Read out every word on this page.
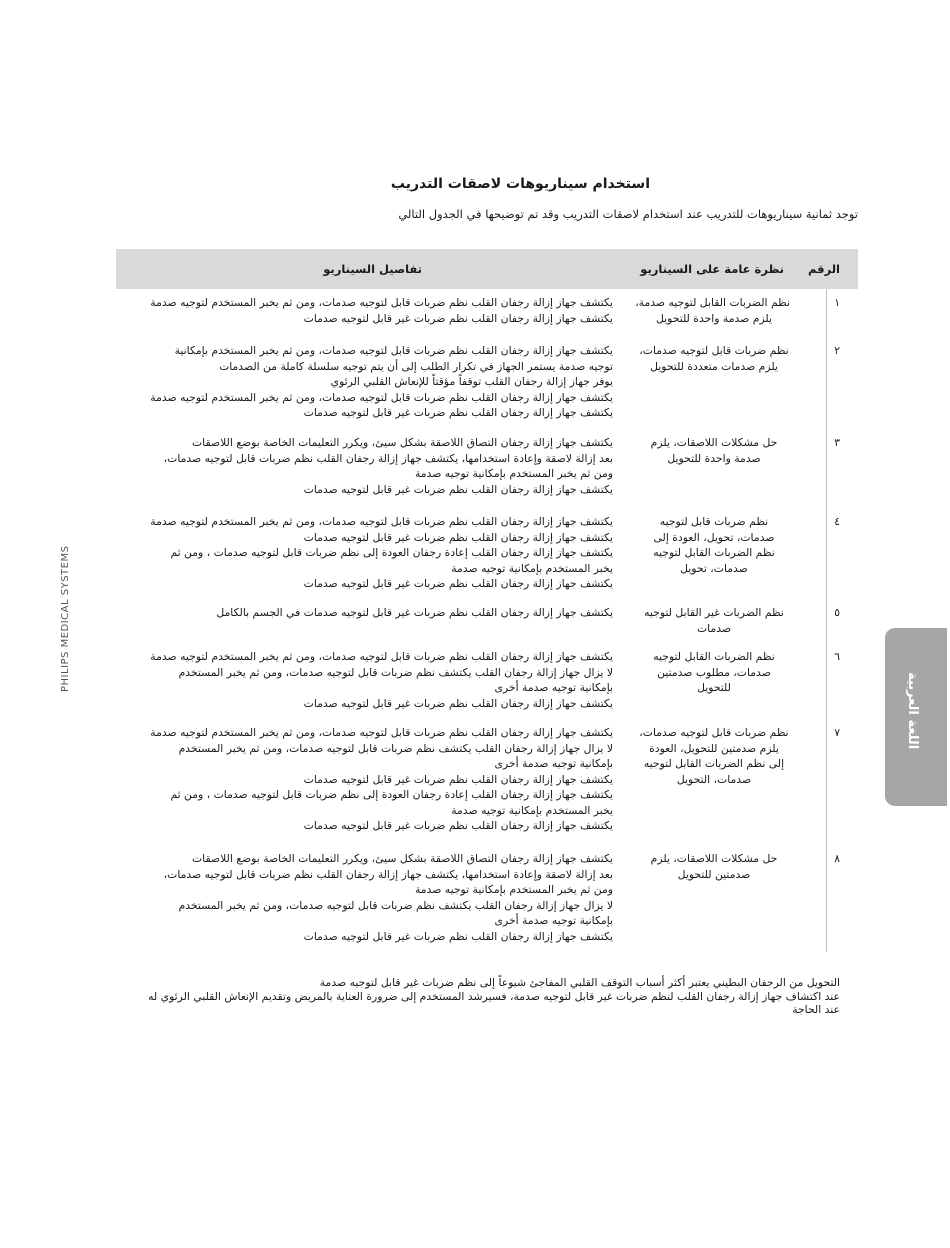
استخدام سيناريوهات لاصقات التدريب
توجد ثمانية سيناريوهات للتدريب عند استخدام لاصقات التدريب وقد تم توضيحها في الجدول التالي
الرقم
نظرة عامة على السيناريو
تفاصيل السيناريو
١
نظم الضربات القابل لتوجيه صدمة،
يلزم صدمة واحدة للتحويل
يكتشف جهاز إزالة رجفان القلب نظم ضربات قابل لتوجيه صدمات، ومن ثم يخبر المستخدم لتوجيه صدمة
يكتشف جهاز إزالة رجفان القلب نظم ضربات غير قابل لتوجيه صدمات
٢
نظم ضربات قابل لتوجيه صدمات،
يلزم صدمات متعددة للتحويل
يكتشف جهاز إزالة رجفان القلب نظم ضربات قابل لتوجيه صدمات، ومن ثم يخبر المستخدم بإمكانية
توجيه صدمة يستمر الجهاز في تكرار الطلب إلى أن يتم توجيه سلسلة كاملة من الصدمات
يوفر جهاز إزالة رجفان القلب توقفاً مؤقتاً للإنعاش القلبي الرئوي
يكتشف جهاز إزالة رجفان القلب نظم ضربات قابل لتوجيه صدمات، ومن ثم يخبر المستخدم لتوجيه صدمة
يكتشف جهاز إزالة رجفان القلب نظم ضربات غير قابل لتوجيه صدمات
٣
حل مشكلات اللاصقات، يلزم
صدمة واحدة للتحويل
يكتشف جهاز إزالة رجفان التصاق اللاصقة بشكل سيئ، ويكرر التعليمات الخاصة بوضع اللاصقات
بعد إزالة لاصقة وإعادة استخدامها، يكتشف جهاز إزالة رجفان القلب نظم ضربات قابل لتوجيه صدمات،
ومن ثم يخبر المستخدم بإمكانية توجيه صدمة
يكتشف جهاز إزالة رجفان القلب نظم ضربات غير قابل لتوجيه صدمات
٤
نظم ضربات قابل لتوجيه
صدمات، تحويل، العودة إلى
نظم الضربات القابل لتوجيه
صدمات، تحويل
يكتشف جهاز إزالة رجفان القلب نظم ضربات قابل لتوجيه صدمات، ومن ثم يخبر المستخدم لتوجيه صدمة
يكتشف جهاز إزالة رجفان القلب نظم ضربات غير قابل لتوجيه صدمات
يكتشف جهاز إزالة رجفان القلب إعادة رجفان العودة إلى نظم ضربات قابل لتوجيه صدمات ، ومن ثم
يخبر المستخدم بإمكانية توجيه صدمة
يكتشف جهاز إزالة رجفان القلب نظم ضربات غير قابل لتوجيه صدمات
٥
نظم الضربات غير القابل لتوجيه
صدمات
يكتشف جهاز إزالة رجفان القلب نظم ضربات غير قابل لتوجيه صدمات في الجسم بالكامل
٦
نظم الضربات القابل لتوجيه
صدمات، مطلوب صدمتين
للتحويل
يكتشف جهاز إزالة رجفان القلب نظم ضربات قابل لتوجيه صدمات، ومن ثم يخبر المستخدم لتوجيه صدمة
لا يزال جهاز إزالة رجفان القلب يكتشف نظم ضربات قابل لتوجيه صدمات، ومن ثم يخبر المستخدم
بإمكانية توجيه صدمة أخرى
يكتشف جهاز إزالة رجفان القلب نظم ضربات غير قابل لتوجيه صدمات
٧
نظم ضربات قابل لتوجيه صدمات،
يلزم صدمتين للتحويل، العودة
إلى نظم الضربات القابل لتوجيه
صدمات، التحويل
يكتشف جهاز إزالة رجفان القلب نظم ضربات قابل لتوجيه صدمات، ومن ثم يخبر المستخدم لتوجيه صدمة
لا يزال جهاز إزالة رجفان القلب يكتشف نظم ضربات قابل لتوجيه صدمات، ومن ثم يخبر المستخدم
بإمكانية توجيه صدمة أخرى
يكتشف جهاز إزالة رجفان القلب نظم ضربات غير قابل لتوجيه صدمات
يكتشف جهاز إزالة رجفان القلب إعادة رجفان العودة إلى نظم ضربات قابل لتوجيه صدمات ، ومن ثم
يخبر المستخدم بإمكانية توجيه صدمة
يكتشف جهاز إزالة رجفان القلب نظم ضربات غير قابل لتوجيه صدمات
٨
حل مشكلات اللاصقات، يلزم
صدمتين للتحويل
يكتشف جهاز إزالة رجفان التصاق اللاصقة بشكل سيئ، ويكرر التعليمات الخاصة بوضع اللاصقات
بعد إزالة لاصقة وإعادة استخدامها، يكتشف جهاز إزالة رجفان القلب نظم ضربات قابل لتوجيه صدمات،
ومن ثم يخبر المستخدم بإمكانية توجيه صدمة
لا يزال جهاز إزالة رجفان القلب يكتشف نظم ضربات قابل لتوجيه صدمات، ومن ثم يخبر المستخدم
بإمكانية توجيه صدمة أخرى
يكتشف جهاز إزالة رجفان القلب نظم ضربات غير قابل لتوجيه صدمات
PHILIPS MEDICAL SYSTEMS
اللغة العربية
التحويل من الرجفان البطيني يعتبر أكثر أسباب التوقف القلبي المفاجئ شيوعاً إلى نظم ضربات غير قابل لتوجيه صدمة
عند اكتشاف جهاز إزالة رجفان القلب لنظم ضربات غير قابل لتوجيه صدمة، فسيرشد المستخدم إلى ضرورة العناية بالمريض وتقديم الإنعاش القلبي الرئوي له
عند الحاجة
